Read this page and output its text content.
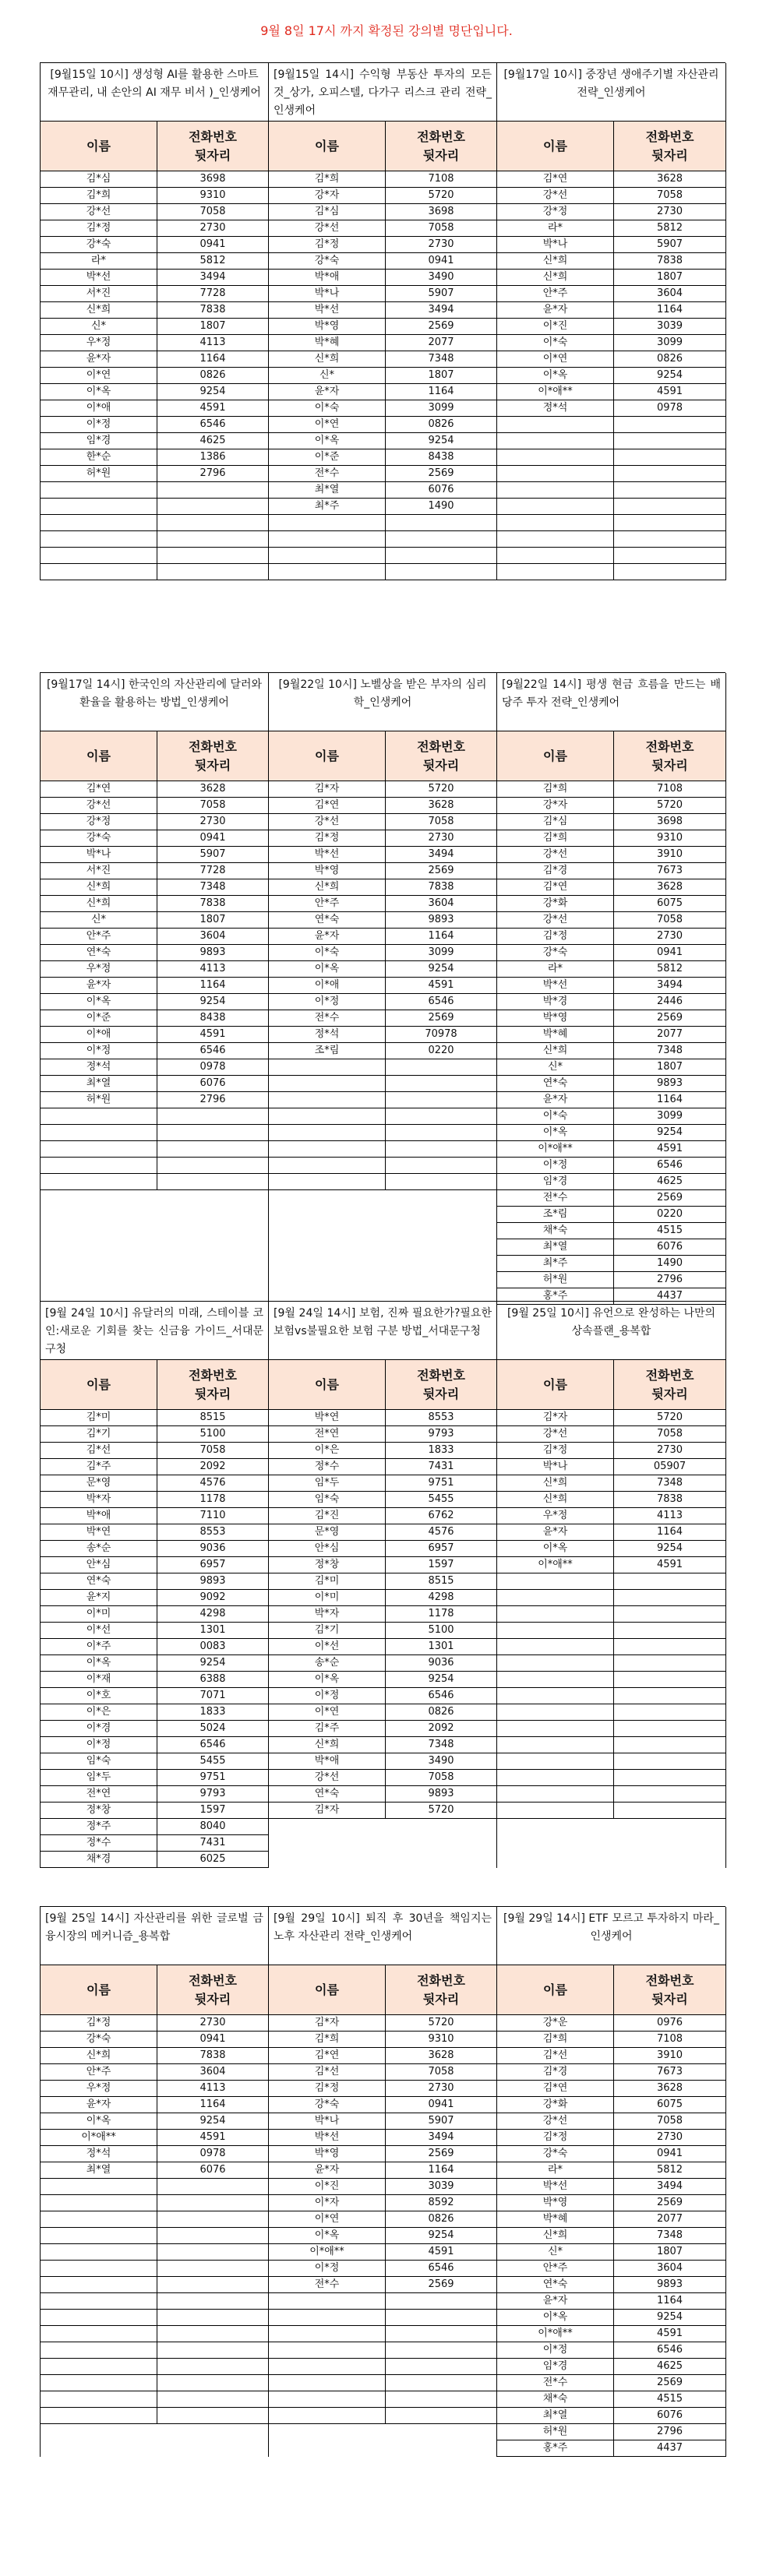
9월 8일 17시 까지 확정된 강의별 명단입니다.
[9월15일 10시] 생성형 AI를 활용한 스마트 재무관리, 내 손안의 AI 재무 비서 )_인생케어
이름
전화번호
뒷자리
김*심	3698
김*희	9310
강*선	7058
김*정	2730
강*숙	0941
라*	5812
박*선	3494
서*진	7728
신*희	7838
신*	1807
우*정	4113
윤*자	1164
이*연	0826
이*옥	9254
이*애	4591
이*정	6546
임*경	4625
한*순	1386
허*원	2796
[9월15일 14시] 수익형 부동산 투자의 모든 것_상가, 오피스텔, 다가구 리스크 관리 전략_인생케어
이름
전화번호
뒷자리
김*희	7108
강*자	5720
김*심	3698
강*선	7058
김*정	2730
강*숙	0941
박*애	3490
박*나	5907
박*선	3494
박*영	2569
박*혜	2077
신*희	7348
신*	1807
윤*자	1164
이*숙	3099
이*연	0826
이*옥	9254
이*준	8438
전*수	2569
최*열	6076
최*주	1490
[9월17일 10시] 중장년 생애주기별 자산관리 전략_인생케어
이름
전화번호
뒷자리
김*연	3628
강*선	7058
강*정	2730
라*	5812
박*나	5907
신*희	7838
신*희	1807
안*주	3604
윤*자	1164
이*진	3039
이*숙	3099
이*연	0826
이*옥	9254
이*애**	4591
정*석	0978
[9월17일 14시] 한국인의 자산관리에 달러와 환율을 활용하는 방법_인생케어
이름
전화번호
뒷자리
김*연	3628
강*선	7058
강*정	2730
강*숙	0941
박*나	5907
서*진	7728
신*희	7348
신*희	7838
신*	1807
안*주	3604
연*숙	9893
우*정	4113
윤*자	1164
이*옥	9254
이*준	8438
이*애	4591
이*정	6546
정*석	0978
최*열	6076
허*원	2796
[9월22일 10시] 노벨상을 받은 부자의 심리학_인생케어
이름
전화번호
뒷자리
김*자	5720
김*연	3628
강*선	7058
김*정	2730
박*선	3494
박*영	2569
신*희	7838
안*주	3604
연*숙	9893
윤*자	1164
이*숙	3099
이*옥	9254
이*애	4591
이*정	6546
전*수	2569
정*석	70978
조*림	0220
[9월22일 14시] 평생 현금 흐름을 만드는 배당주 투자 전략_인생케어
이름
전화번호
뒷자리
김*희	7108
강*자	5720
김*심	3698
김*희	9310
강*선	3910
김*경	7673
김*연	3628
강*화	6075
강*선	7058
김*정	2730
강*숙	0941
라*	5812
박*선	3494
박*경	2446
박*영	2569
박*혜	2077
신*희	7348
신*	1807
연*숙	9893
윤*자	1164
이*숙	3099
이*옥	9254
이*애**	4591
이*정	6546
임*경	4625
전*수	2569
조*림	0220
채*숙	4515
최*열	6076
최*주	1490
허*원	2796
홍*주	4437
[9월 24일 10시] 유달러의 미래, 스테이블 코인:새로운 기회를 찾는 신금융 가이드_서대문구청
이름
전화번호
뒷자리
김*미	8515
김*기	5100
김*선	7058
김*주	2092
문*영	4576
박*자	1178
박*애	7110
박*연	8553
송*순	9036
안*심	6957
연*숙	9893
윤*지	9092
이*미	4298
이*선	1301
이*주	0083
이*옥	9254
이*재	6388
이*호	7071
이*은	1833
이*경	5024
이*정	6546
임*숙	5455
임*두	9751
전*연	9793
정*창	1597
정*주	8040
정*수	7431
채*경	6025
[9월 24일 14시] 보험, 진짜 필요한가?필요한 보험vs불필요한 보험 구분 방법_서대문구청
이름
전화번호
뒷자리
박*연	8553
전*연	9793
이*은	1833
정*수	7431
임*두	9751
임*숙	5455
김*진	6762
문*영	4576
안*심	6957
정*창	1597
김*미	8515
이*미	4298
박*자	1178
김*기	5100
이*선	1301
송*순	9036
이*옥	9254
이*정	6546
이*연	0826
김*주	2092
신*희	7348
박*애	3490
강*선	7058
연*숙	9893
김*자	5720
[9월 25일 10시] 유언으로 완성하는 나만의 상속플랜_용복합
이름
전화번호
뒷자리
김*자	5720
강*선	7058
김*정	2730
박*나	05907
신*희	7348
신*희	7838
우*정	4113
윤*자	1164
이*옥	9254
이*애**	4591
[9월 25일 14시] 자산관리를 위한 글로벌 금융시장의 메커니즘_용복합
이름
전화번호
뒷자리
김*정	2730
강*숙	0941
신*희	7838
안*주	3604
우*정	4113
윤*자	1164
이*옥	9254
이*애**	4591
정*석	0978
최*열	6076
[9월 29일 10시] 퇴직 후 30년을 책임지는 노후 자산관리 전략_인생케어
이름
전화번호
뒷자리
김*자	5720
김*희	9310
김*연	3628
김*선	7058
김*정	2730
강*숙	0941
박*나	5907
박*선	3494
박*영	2569
윤*자	1164
이*진	3039
이*자	8592
이*연	0826
이*옥	9254
이*애**	4591
이*정	6546
전*수	2569
[9월 29일 14시] ETF 모르고 투자하지 마라_인생케어
이름
전화번호
뒷자리
강*운	0976
김*희	7108
김*선	3910
김*경	7673
김*연	3628
강*화	6075
강*선	7058
김*정	2730
강*숙	0941
라*	5812
박*선	3494
박*영	2569
박*혜	2077
신*희	7348
신*	1807
안*주	3604
연*숙	9893
윤*자	1164
이*옥	9254
이*애**	4591
이*정	6546
임*경	4625
전*수	2569
채*숙	4515
최*열	6076
허*원	2796
홍*주	4437
